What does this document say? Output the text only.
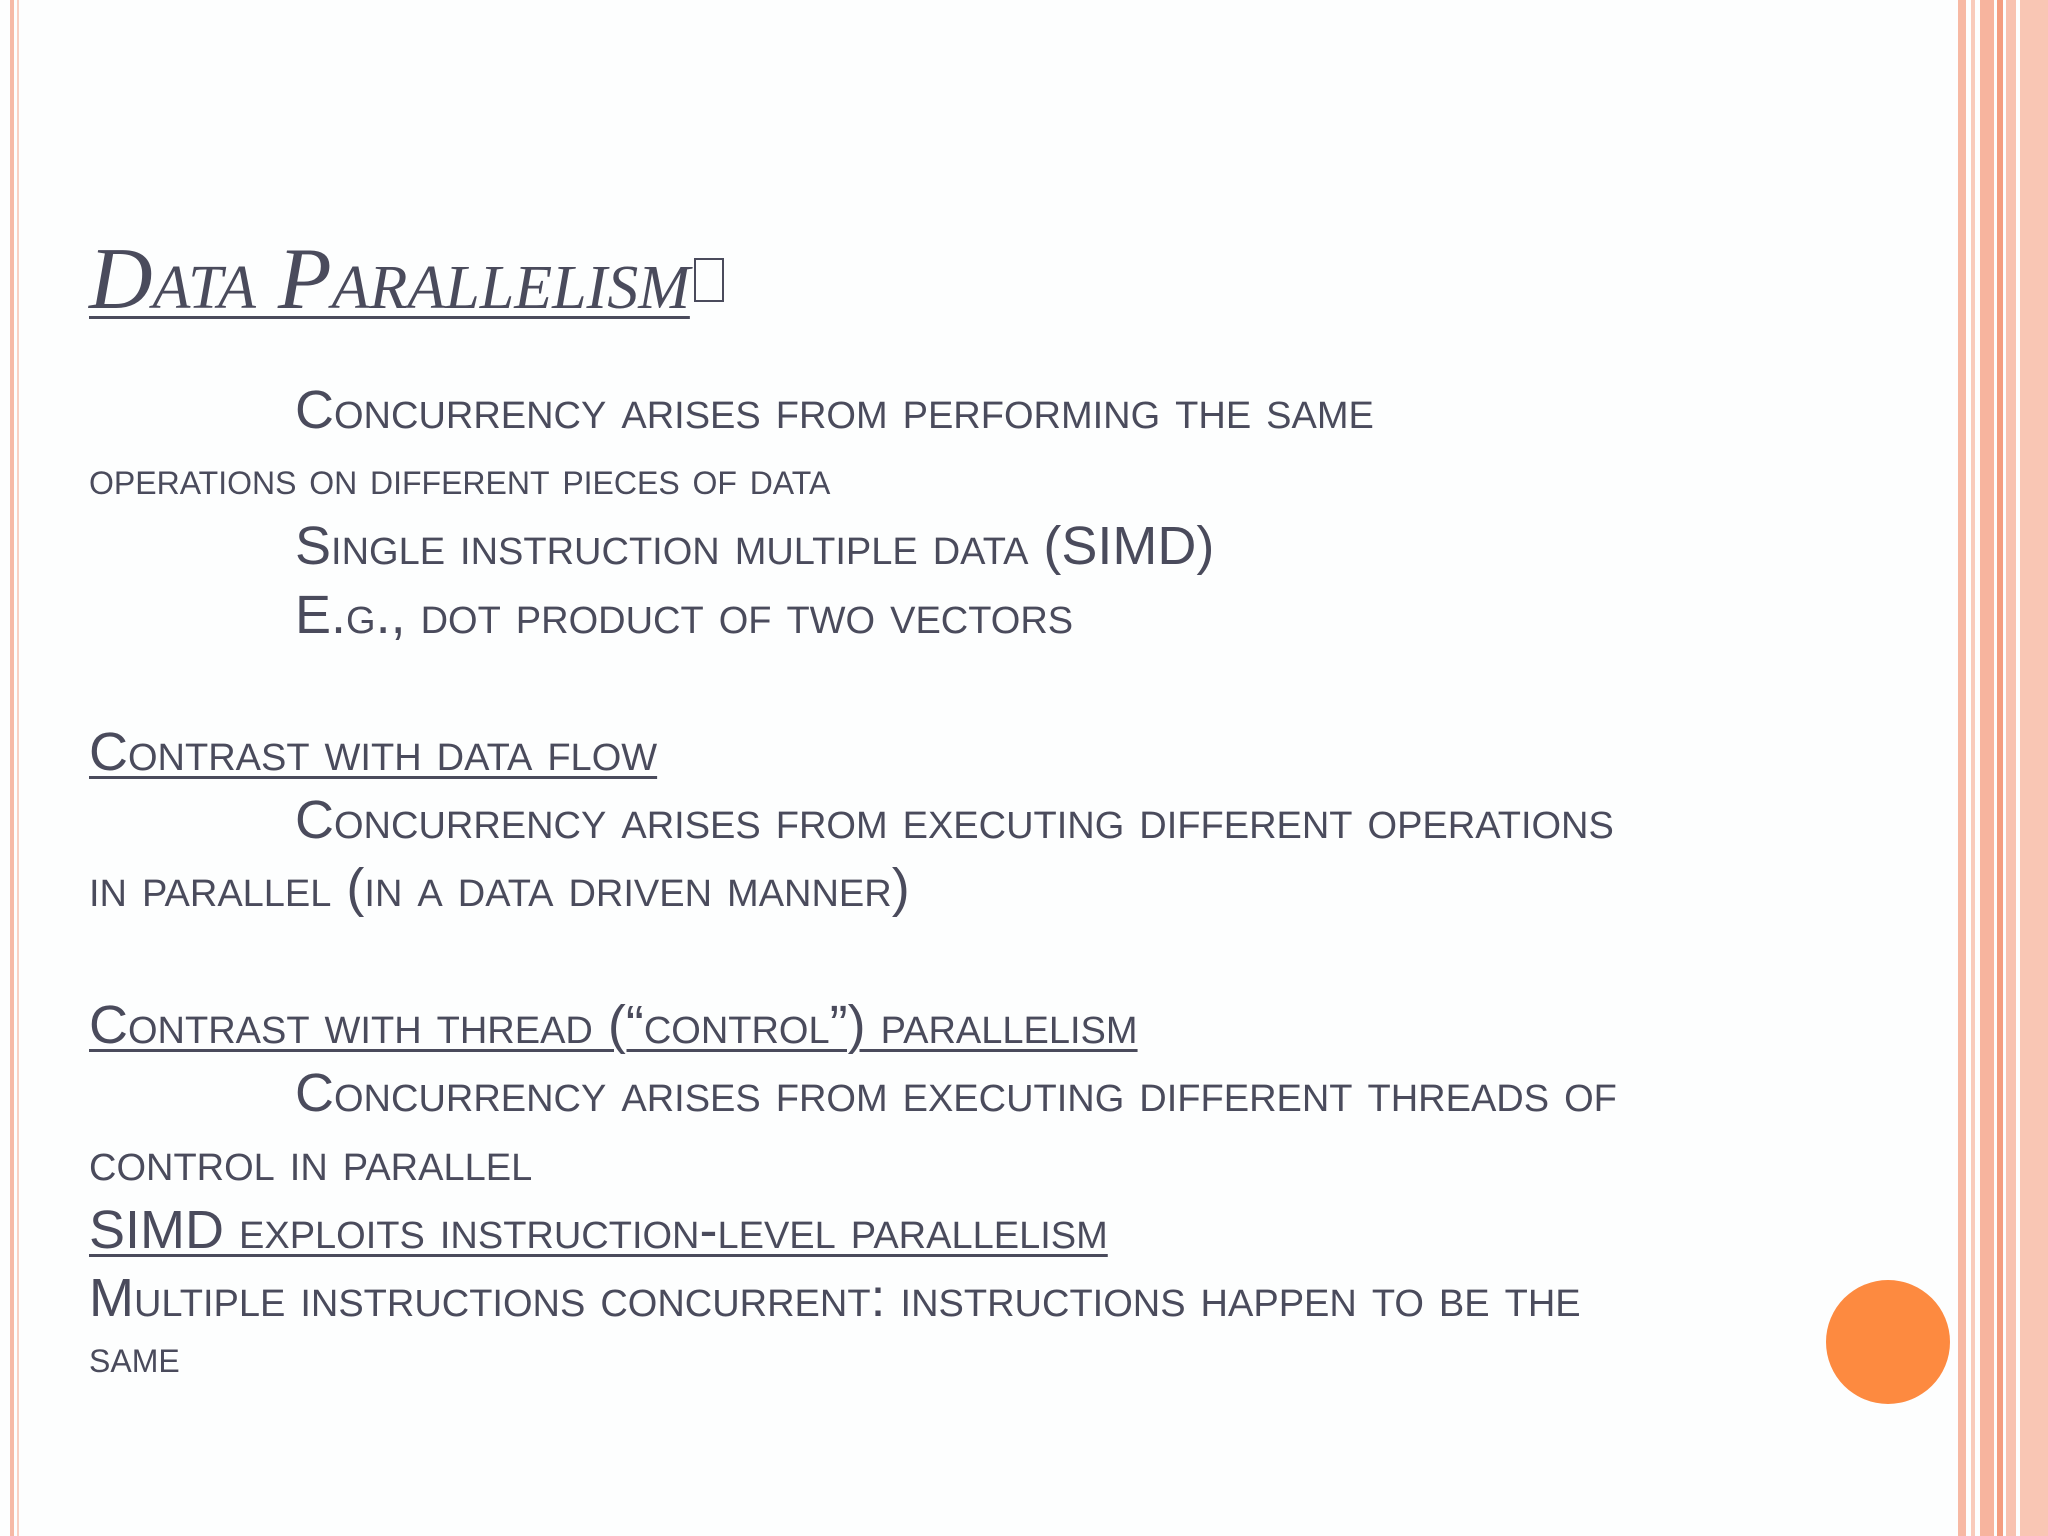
Data Parallelism
Concurrency arises from performing the same
operations on different pieces of data
Single instruction multiple data (SIMD)
E.g., dot product of two vectors
Contrast with data flow
Concurrency arises from executing different operations
in parallel (in a data driven manner)
Contrast with thread (“control”) parallelism
Concurrency arises from executing different threads of
control in parallel
SIMD exploits instruction-level parallelism
Multiple instructions concurrent: instructions happen to be the
same
